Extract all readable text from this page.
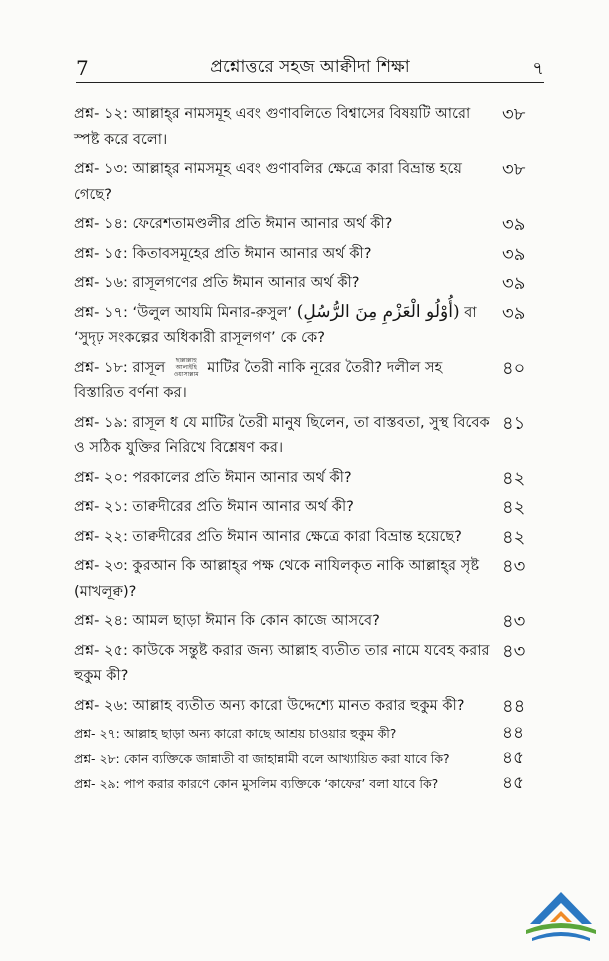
7	প্রশ্নোত্তরে সহজ আক্বীদা শিক্ষা	৭
৩৮
প্রশ্ন- ১২: আল্লাহ্‌র নামসমূহ এবং গুণাবলিতে বিশ্বাসের বিষয়টি আরো স্পষ্ট করে বলো।
৩৮
প্রশ্ন- ১৩: আল্লাহ্‌র নামসমূহ এবং গুণাবলির ক্ষেত্রে কারা বিভ্রান্ত হয়ে গেছে?
৩৯
প্রশ্ন- ১৪: ফেরেশতামণ্ডলীর প্রতি ঈমান আনার অর্থ কী?
৩৯
প্রশ্ন- ১৫: কিতাবসমূহের প্রতি ঈমান আনার অর্থ কী?
৩৯
প্রশ্ন- ১৬: রাসূলগণের প্রতি ঈমান আনার অর্থ কী?
৩৯
প্রশ্ন- ১৭: ‘উলুল আযমি মিনার-রুসুল’ (أُوْلُو الْعَزْمِ مِنَ الرُّسُلِ) বা ‘সুদৃঢ় সংকল্পের অধিকারী রাসূলগণ’ কে কে?
৪০
প্রশ্ন- ১৮: রাসূল ছাল্লাল্লাহু আলাইহি ওয়াসাল্লাম মাটির তৈরী নাকি নূরের তৈরী? দলীল সহ বিস্তারিত বর্ণনা কর।
৪১
প্রশ্ন- ১৯: রাসূল ধ যে মাটির তৈরী মানুষ ছিলেন, তা বাস্তবতা, সুস্থ বিবেক ও সঠিক যুক্তির নিরিখে বিশ্লেষণ কর।
৪২
প্রশ্ন- ২০: পরকালের প্রতি ঈমান আনার অর্থ কী?
৪২
প্রশ্ন- ২১: তাক্বদীরের প্রতি ঈমান আনার অর্থ কী?
৪২
প্রশ্ন- ২২: তাক্বদীরের প্রতি ঈমান আনার ক্ষেত্রে কারা বিভ্রান্ত হয়েছে?
৪৩
প্রশ্ন- ২৩: কুরআন কি আল্লাহ্‌র পক্ষ থেকে নাযিলকৃত নাকি আল্লাহ্‌র সৃষ্ট (মাখলূক্ব)?
৪৩
প্রশ্ন- ২৪: আমল ছাড়া ঈমান কি কোন কাজে আসবে?
৪৩
প্রশ্ন- ২৫: কাউকে সন্তুষ্ট করার জন্য আল্লাহ ব্যতীত তার নামে যবেহ করার হুকুম কী?
৪৪
প্রশ্ন- ২৬: আল্লাহ ব্যতীত অন্য কারো উদ্দেশ্যে মানত করার হুকুম কী?
৪৪
প্রশ্ন- ২৭: আল্লাহ ছাড়া অন্য কারো কাছে আশ্রয় চাওয়ার হুকুম কী?
৪৫
প্রশ্ন- ২৮: কোন ব্যক্তিকে জান্নাতী বা জাহান্নামী বলে আখ্যায়িত করা যাবে কি?
৪৫
প্রশ্ন- ২৯: পাপ করার কারণে কোন মুসলিম ব্যক্তিকে ‘কাফের’ বলা যাবে কি?
